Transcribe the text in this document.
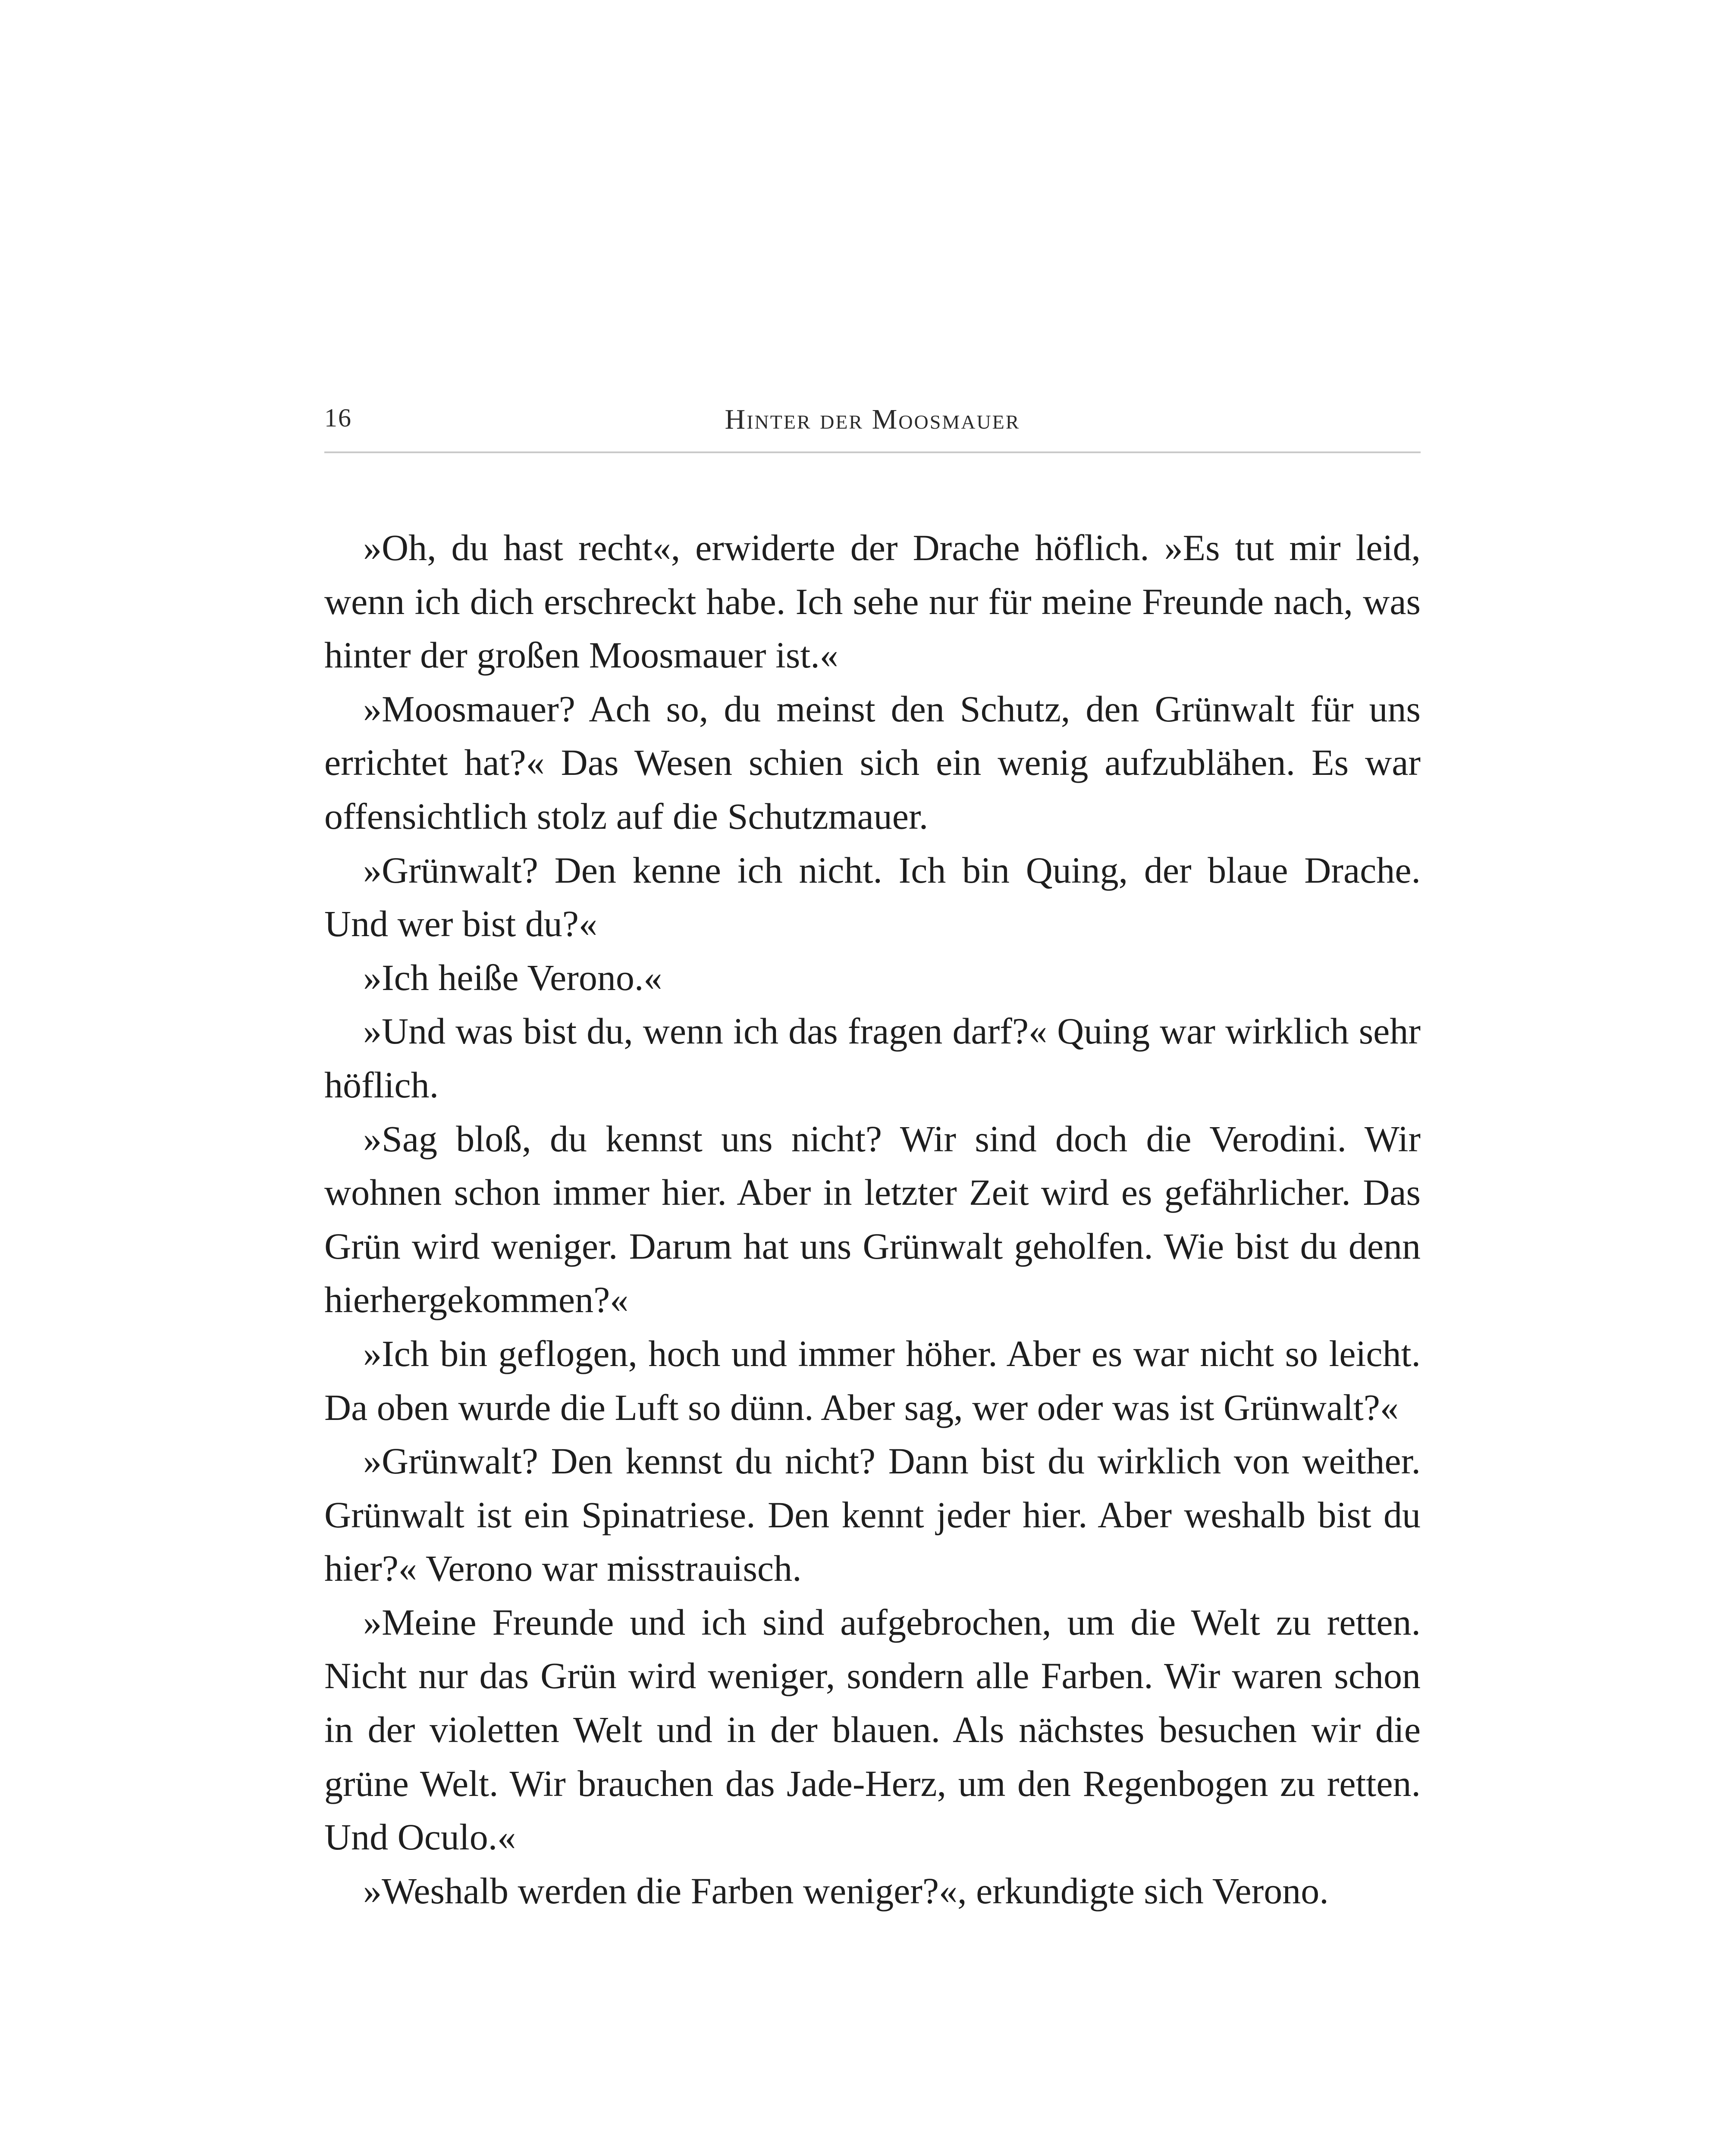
16	Hinter der Moosmauer

»Oh, du hast recht«, erwiderte der Drache höflich. »Es tut mir leid, wenn ich dich erschreckt habe. Ich sehe nur für meine Freunde nach, was hinter der großen Moosmauer ist.«

»Moosmauer? Ach so, du meinst den Schutz, den Grünwalt für uns errichtet hat?« Das Wesen schien sich ein wenig aufzublähen. Es war offensichtlich stolz auf die Schutzmauer.

»Grünwalt? Den kenne ich nicht. Ich bin Quing, der blaue Drache. Und wer bist du?«

»Ich heiße Verono.«

»Und was bist du, wenn ich das fragen darf?« Quing war wirklich sehr höflich.

»Sag bloß, du kennst uns nicht? Wir sind doch die Verodini. Wir wohnen schon immer hier. Aber in letzter Zeit wird es gefährlicher. Das Grün wird weniger. Darum hat uns Grünwalt geholfen. Wie bist du denn hierhergekommen?«

»Ich bin geflogen, hoch und immer höher. Aber es war nicht so leicht. Da oben wurde die Luft so dünn. Aber sag, wer oder was ist Grünwalt?«

»Grünwalt? Den kennst du nicht? Dann bist du wirklich von weither. Grünwalt ist ein Spinatriese. Den kennt jeder hier. Aber weshalb bist du hier?« Verono war misstrauisch.

»Meine Freunde und ich sind aufgebrochen, um die Welt zu retten. Nicht nur das Grün wird weniger, sondern alle Farben. Wir waren schon in der violetten Welt und in der blauen. Als nächstes besuchen wir die grüne Welt. Wir brauchen das Jade-Herz, um den Regenbogen zu retten. Und Oculo.«

»Weshalb werden die Farben weniger?«, erkundigte sich Verono.
